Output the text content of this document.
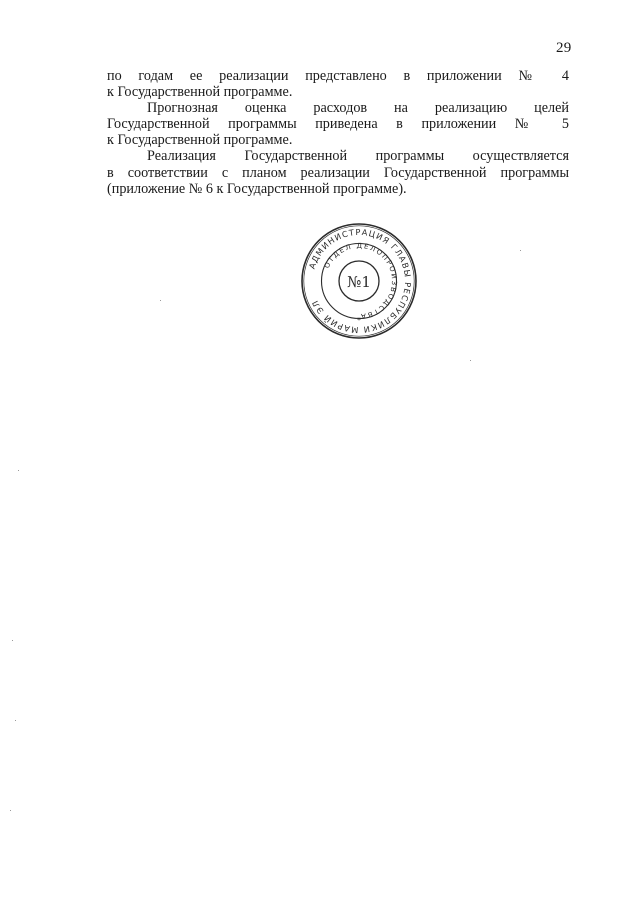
29

по годам ее реализации представлено в приложении № 4
к Государственной программе.

Прогнозная оценка расходов на реализацию целей
Государственной программы приведена в приложении № 5
к Государственной программе.

Реализация Государственной программы осуществляется
в соответствии с планом реализации Государственной программы
(приложение № 6 к Государственной программе).

АДМИНИСТРАЦИЯ ГЛАВЫ РЕСПУБЛИКИ МАРИЙ ЭЛ
ОТДЕЛ ДЕЛОПРОИЗВОДСТВА
№1
*
